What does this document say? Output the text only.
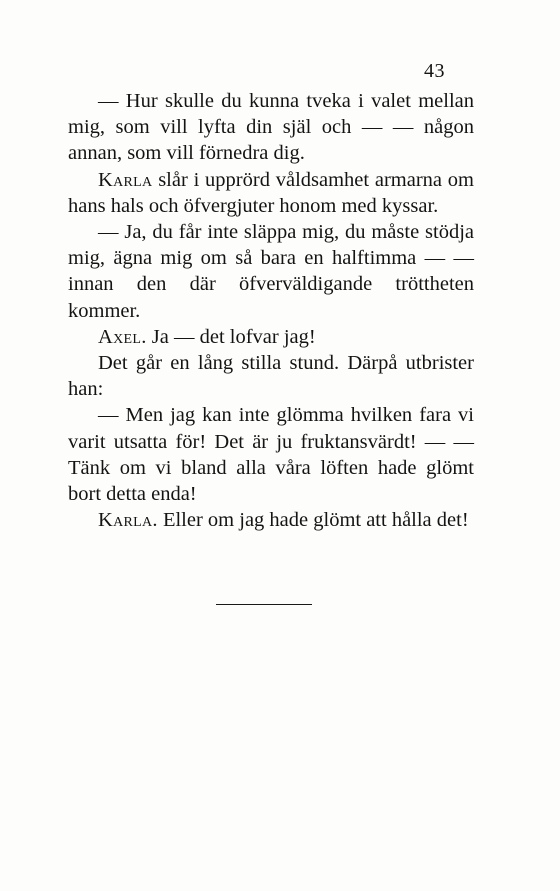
43

— Hur skulle du kunna tveka i valet mellan mig, som vill lyfta din själ och — — någon annan, som vill förnedra dig.

Karla slår i upprörd våldsamhet armarna om hans hals och öfvergjuter honom med kyssar.

— Ja, du får inte släppa mig, du måste stödja mig, ägna mig om så bara en halftimma — — innan den där öfverväldigande tröttheten kommer.

Axel. Ja — det lofvar jag!

Det går en lång stilla stund. Därpå utbrister han:

— Men jag kan inte glömma hvilken fara vi varit utsatta för! Det är ju fruktansvärdt! — — Tänk om vi bland alla våra löften hade glömt bort detta enda!

Karla. Eller om jag hade glömt att hålla det!
